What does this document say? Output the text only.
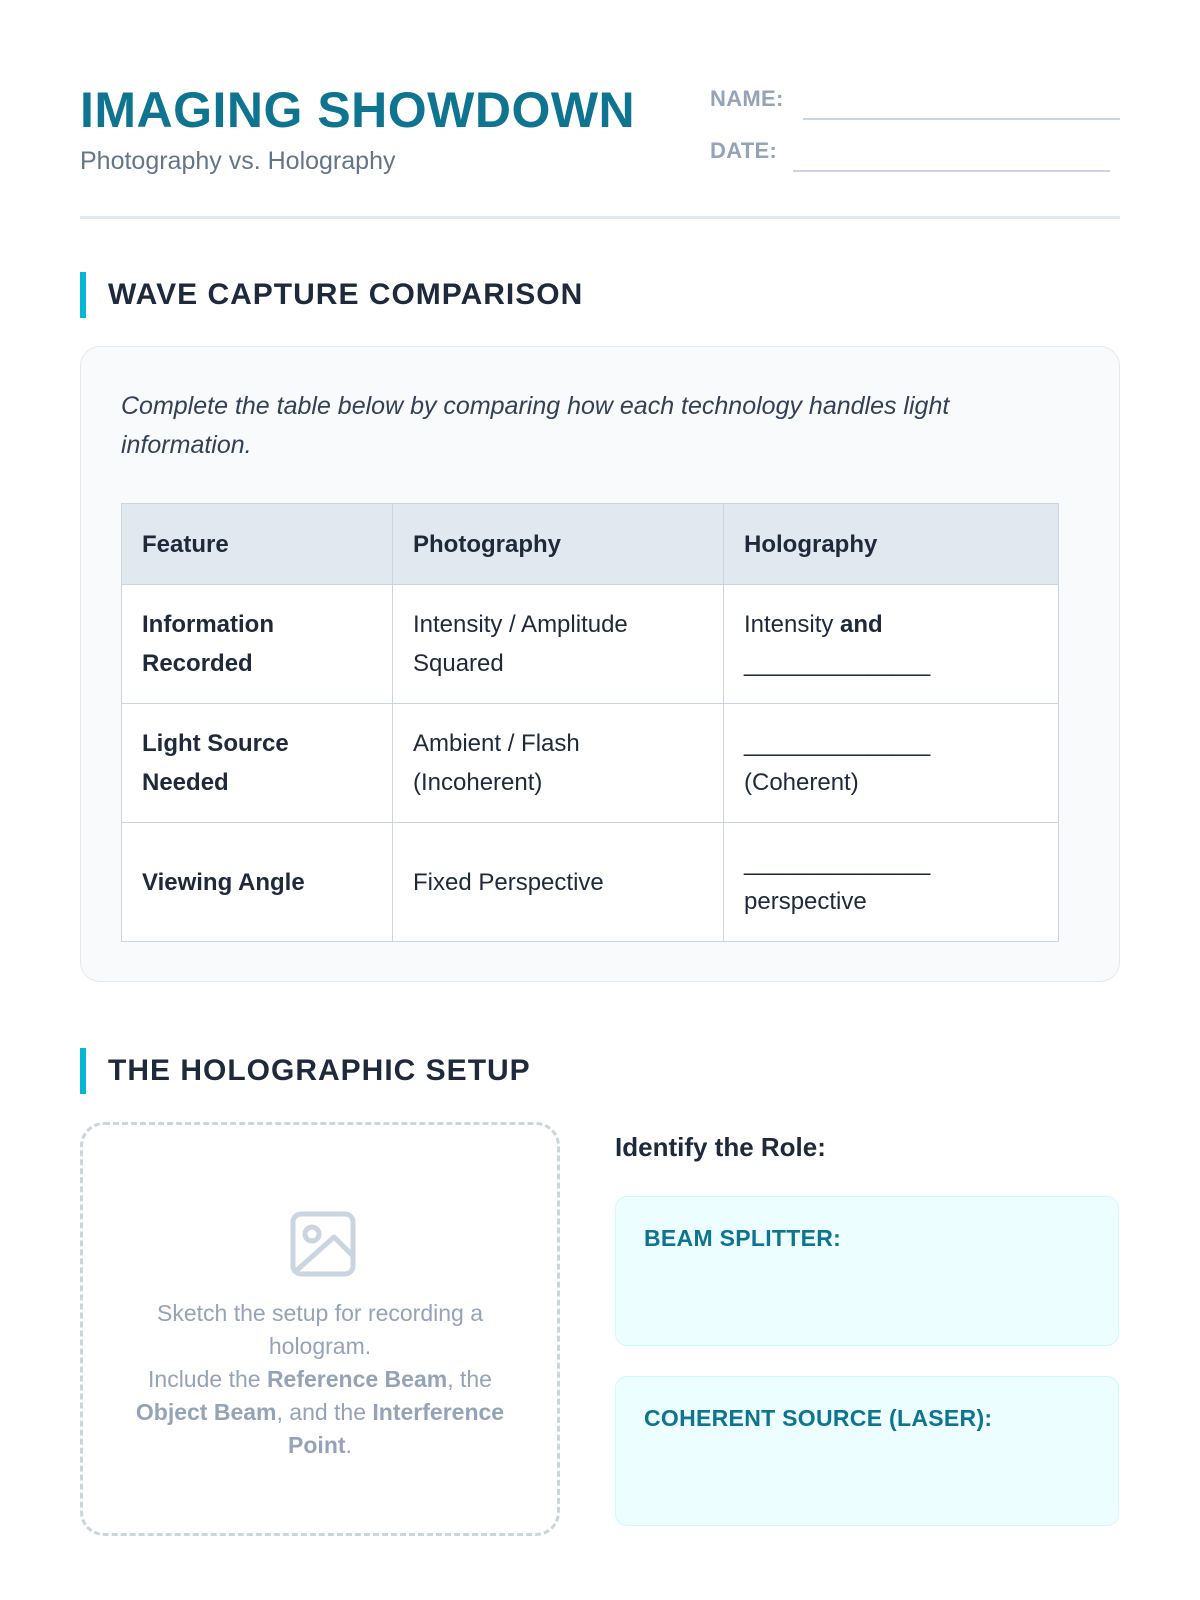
IMAGING SHOWDOWN

Photography vs. Holography

NAME:
DATE:
WAVE CAPTURE COMPARISON

Complete the table below by comparing how each technology handles light information.

Feature	Photography	Holography
Information Recorded	Intensity / Amplitude Squared	Intensity and
_______________
Light Source Needed	Ambient / Flash (Incoherent)	_______________
(Coherent)
Viewing Angle	Fixed Perspective	_______________
perspective
THE HOLOGRAPHIC SETUP
Sketch the setup for recording a hologram.
Include the Reference Beam, the Object Beam, and the Interference Point.
Identify the Role:
BEAM SPLITTER:
COHERENT SOURCE (LASER):
